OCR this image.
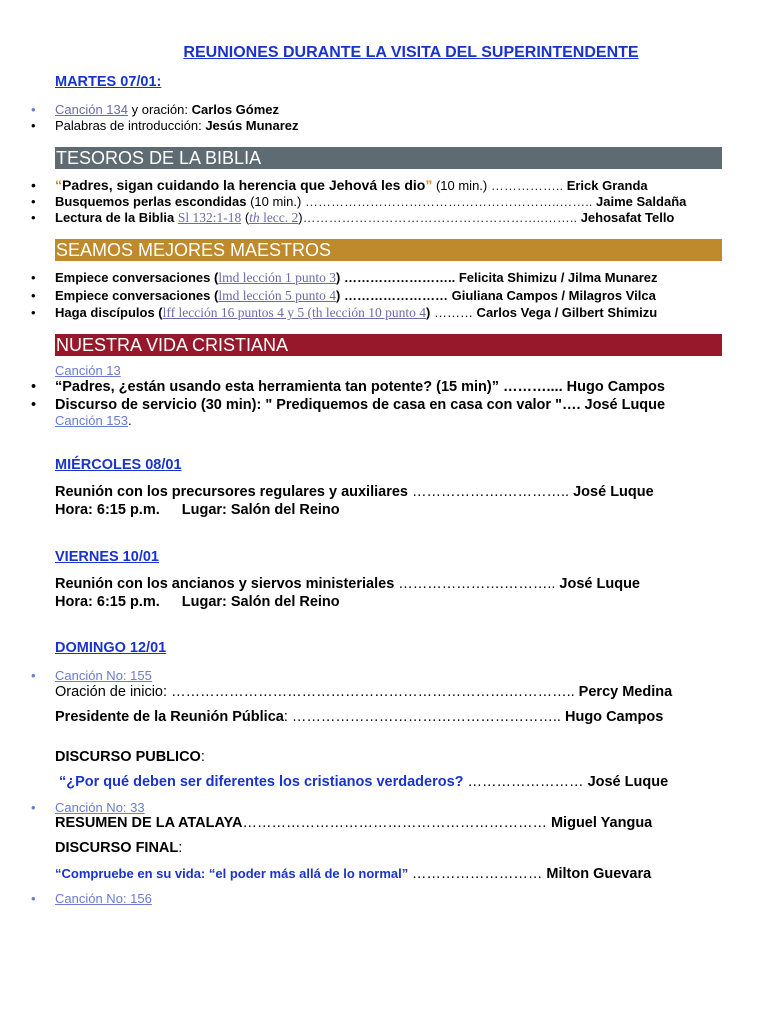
REUNIONES DURANTE LA VISITA DEL SUPERINTENDENTE
MARTES 07/01:
• Canción 134 y oración: Carlos Gómez
• Palabras de introducción: Jesús Munarez
TESOROS DE LA BIBLIA
• “Padres, sigan cuidando la herencia que Jehová les dio” (10 min.) …………….. Erick Granda
• Busquemos perlas escondidas (10 min.) …………………………………………………..…….. Jaime Saldaña
• Lectura de la Biblia Sl 132:1-18 (th lecc. 2)………………………………………………..…….. Jehosafat Tello
SEAMOS MEJORES MAESTROS
• Empiece conversaciones (lmd lección 1 punto 3) …………………….. Felicita Shimizu / Jilma Munarez
• Empiece conversaciones (lmd lección 5 punto 4) …………………… Giuliana Campos / Milagros Vilca
• Haga discípulos (lff lección 16 puntos 4 y 5 (th lección 10 punto 4) ……… Carlos Vega / Gilbert Shimizu
NUESTRA VIDA CRISTIANA
Canción 13
• “Padres, ¿están usando esta herramienta tan potente? (15 min)” ……….... Hugo Campos
• Discurso de servicio (30 min): " Prediquemos de casa en casa con valor "…. José Luque
Canción 153.
MIÉRCOLES 08/01
Reunión con los precursores regulares y auxiliares ……………….………….. José Luque
Hora: 6:15 p.m. Lugar: Salón del Reino
VIERNES 10/01
Reunión con los ancianos y siervos ministeriales ………………….……….. José Luque
Hora: 6:15 p.m. Lugar: Salón del Reino
DOMINGO 12/01
• Canción No: 155
Oración de inicio: …………………………………………………………….………….. Percy Medina
Presidente de la Reunión Pública: ……………………………………………….. Hugo Campos
DISCURSO PUBLICO:
“¿Por qué deben ser diferentes los cristianos verdaderos? …………………… José Luque
• Canción No: 33
RESUMEN DE LA ATALAYA……………………………………………………… Miguel Yangua
DISCURSO FINAL:
“Compruebe en su vida: “el poder más allá de lo normal” ……………………… Milton Guevara
• Canción No: 156
